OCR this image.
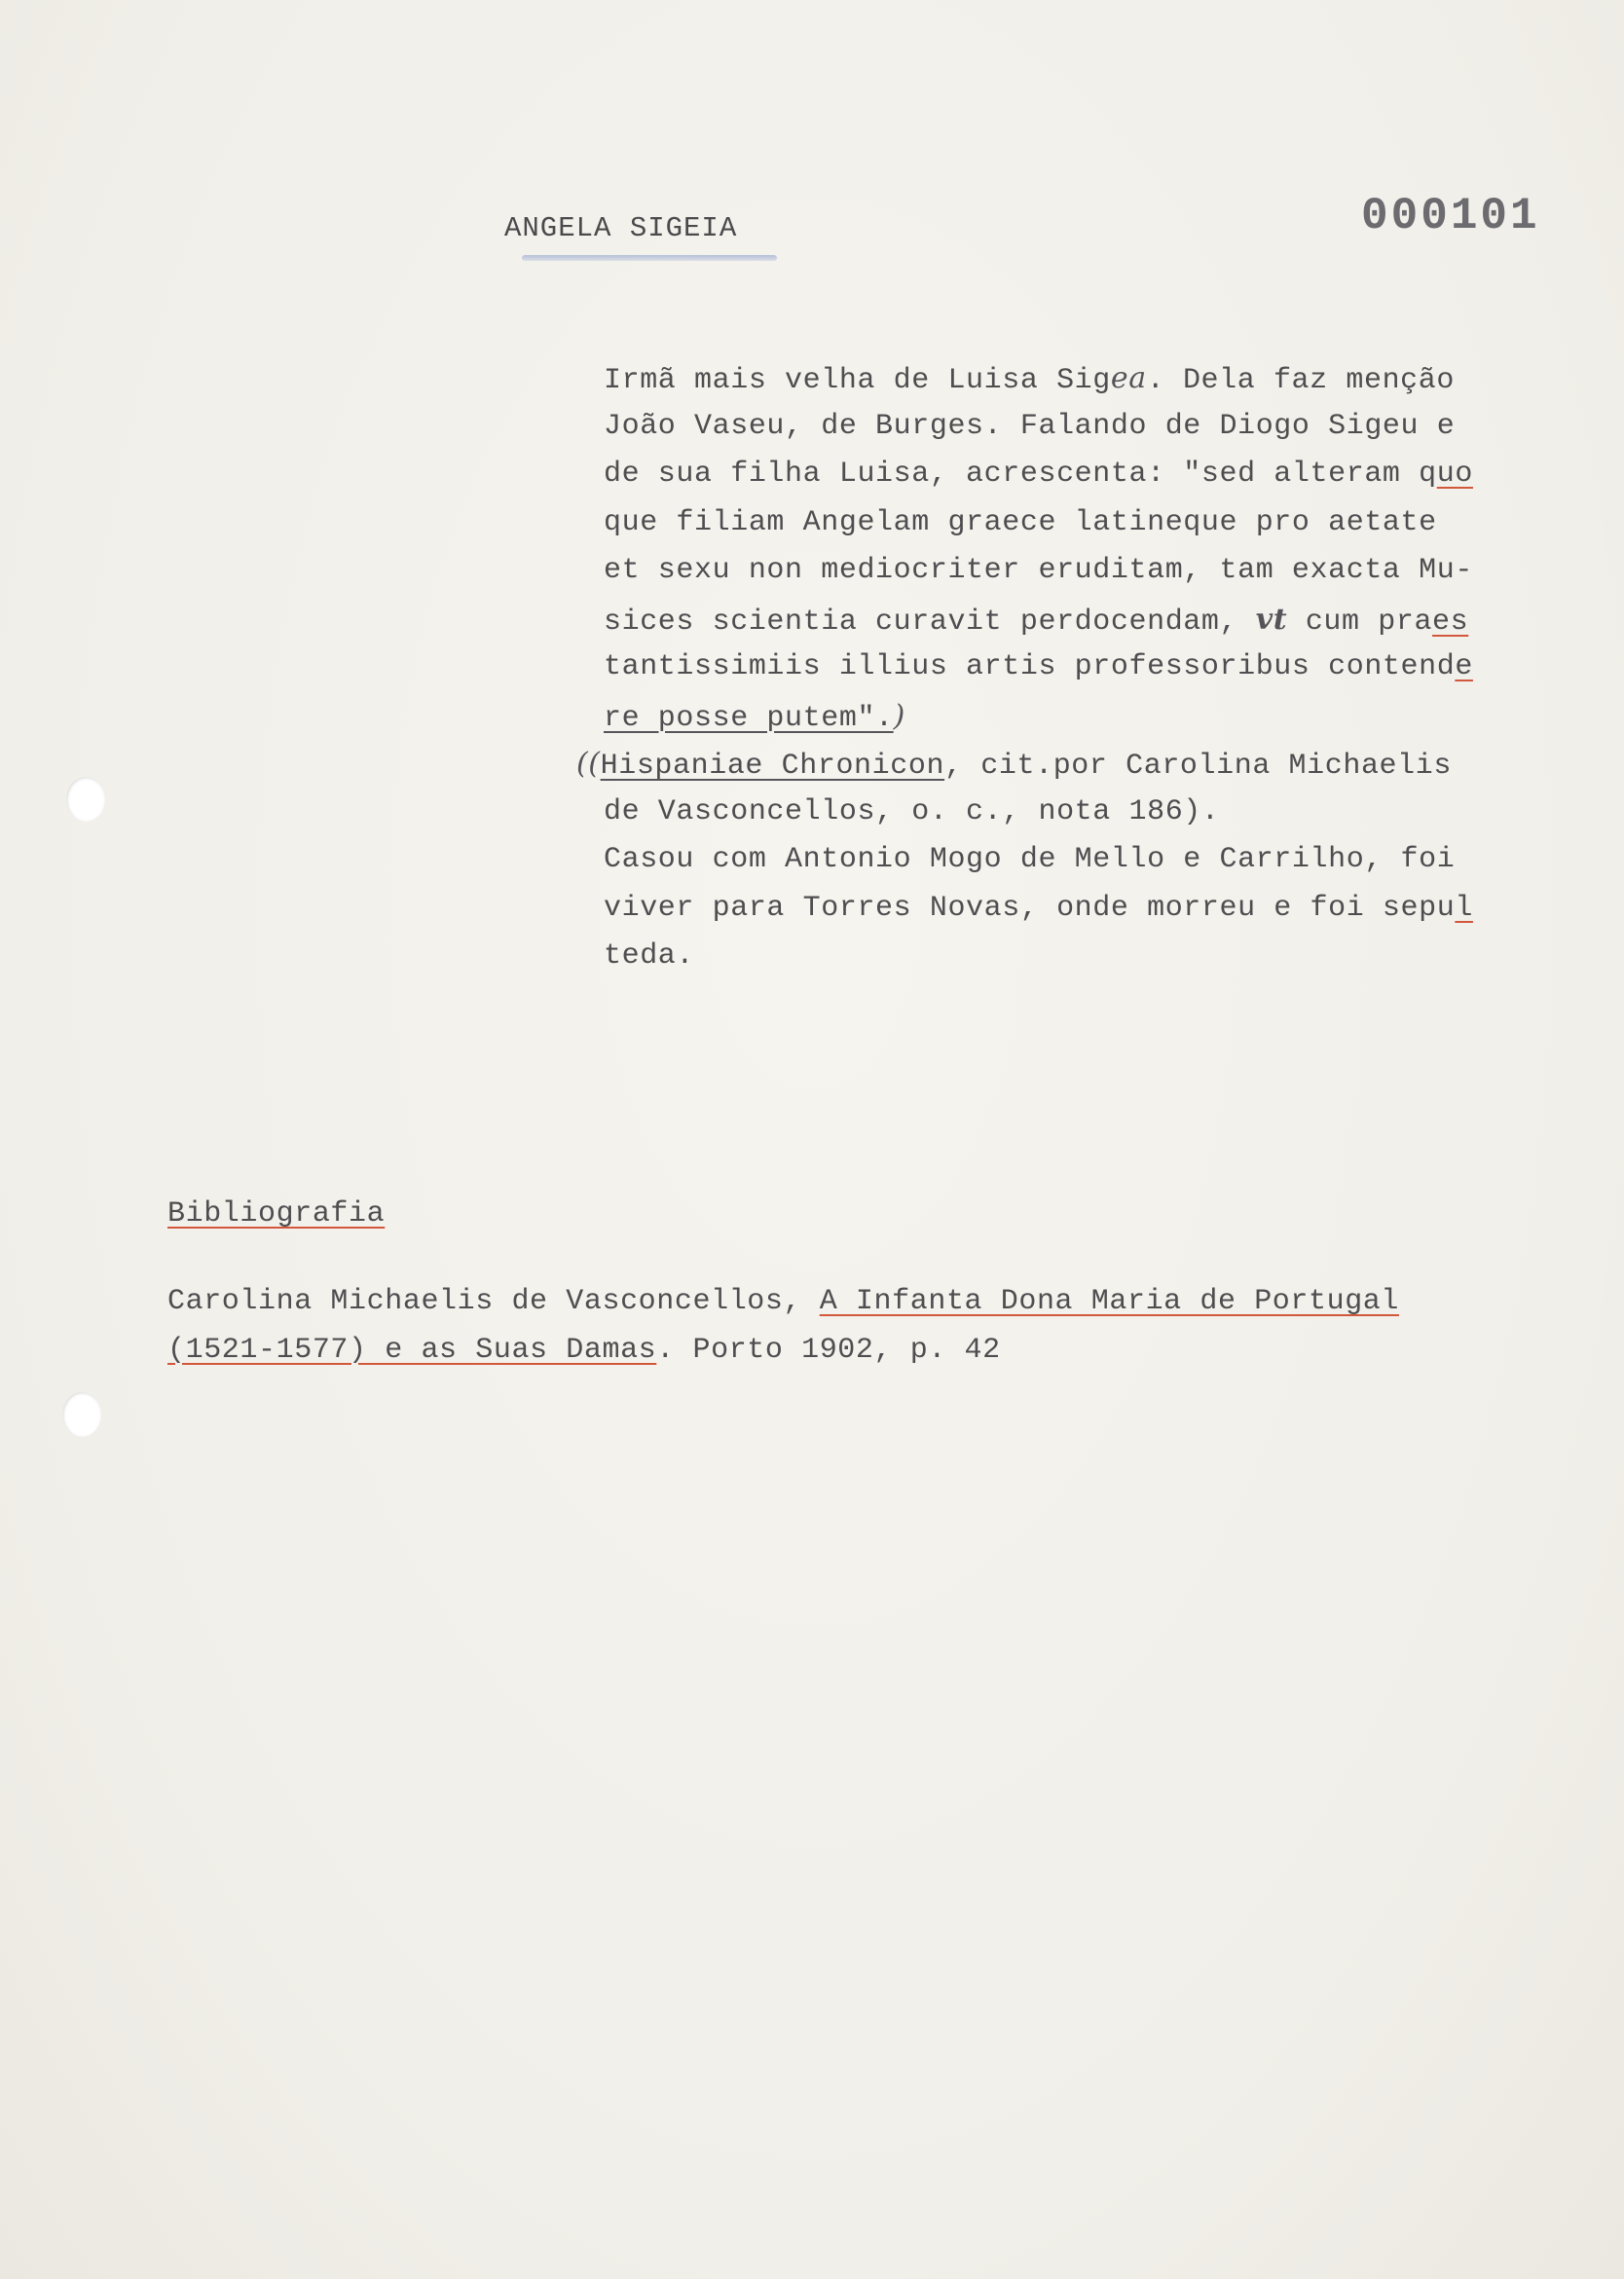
ANGELA SIGEIA	000101
Irmã mais velha de Luisa Sigea. Dela faz menção
João Vaseu, de Burges. Falando de Diogo Sigeu e
de sua filha Luisa, acrescenta: "sed alteram quo
que filiam Angelam graece latineque pro aetate
et sexu non mediocriter eruditam, tam exacta Mu-
sices scientia curavit perdocendam, vt cum praes
tantissimiis illius artis professoribus contende
re posse putem".)
((Hispaniae Chronicon, cit.por Carolina Michaelis
de Vasconcellos, o. c., nota 186).
Casou com Antonio Mogo de Mello e Carrilho, foi
viver para Torres Novas, onde morreu e foi sepul
teda.
Bibliografia
Carolina Michaelis de Vasconcellos, A Infanta Dona Maria de Portugal
(1521-1577) e as Suas Damas. Porto 1902, p. 42
